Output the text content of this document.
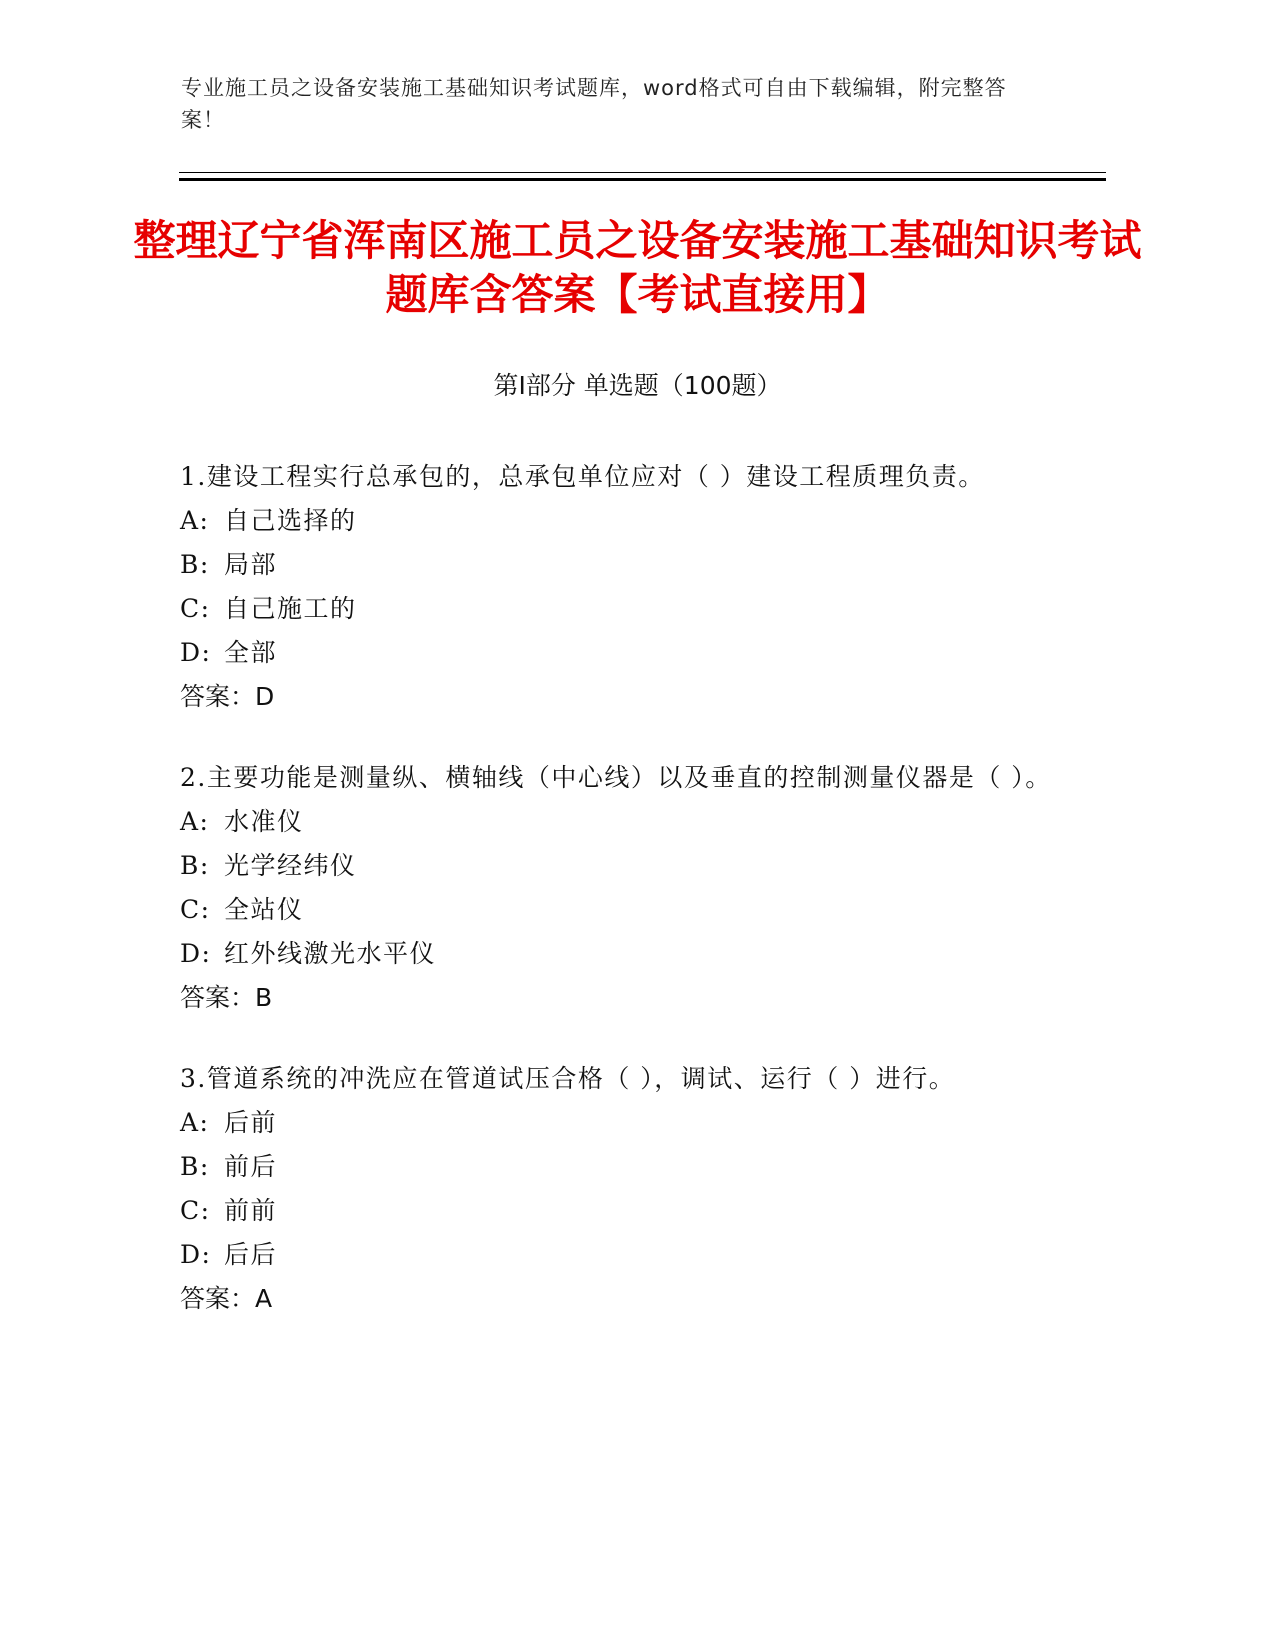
专业施工员之设备安装施工基础知识考试题库，word格式可自由下载编辑，附完整答案！
整理辽宁省浑南区施工员之设备安装施工基础知识考试题库含答案【考试直接用】
第Ⅰ部分 单选题（100题）
1.建设工程实行总承包的，总承包单位应对（ ）建设工程质理负责。
A: 自己选择的
B: 局部
C: 自己施工的
D: 全部
答案：D
2.主要功能是测量纵、横轴线（中心线）以及垂直的控制测量仪器是（ ）。
A: 水准仪
B: 光学经纬仪
C: 全站仪
D: 红外线激光水平仪
答案：B
3.管道系统的冲洗应在管道试压合格（ ），调试、运行（ ）进行。
A: 后前
B: 前后
C: 前前
D: 后后
答案：A
